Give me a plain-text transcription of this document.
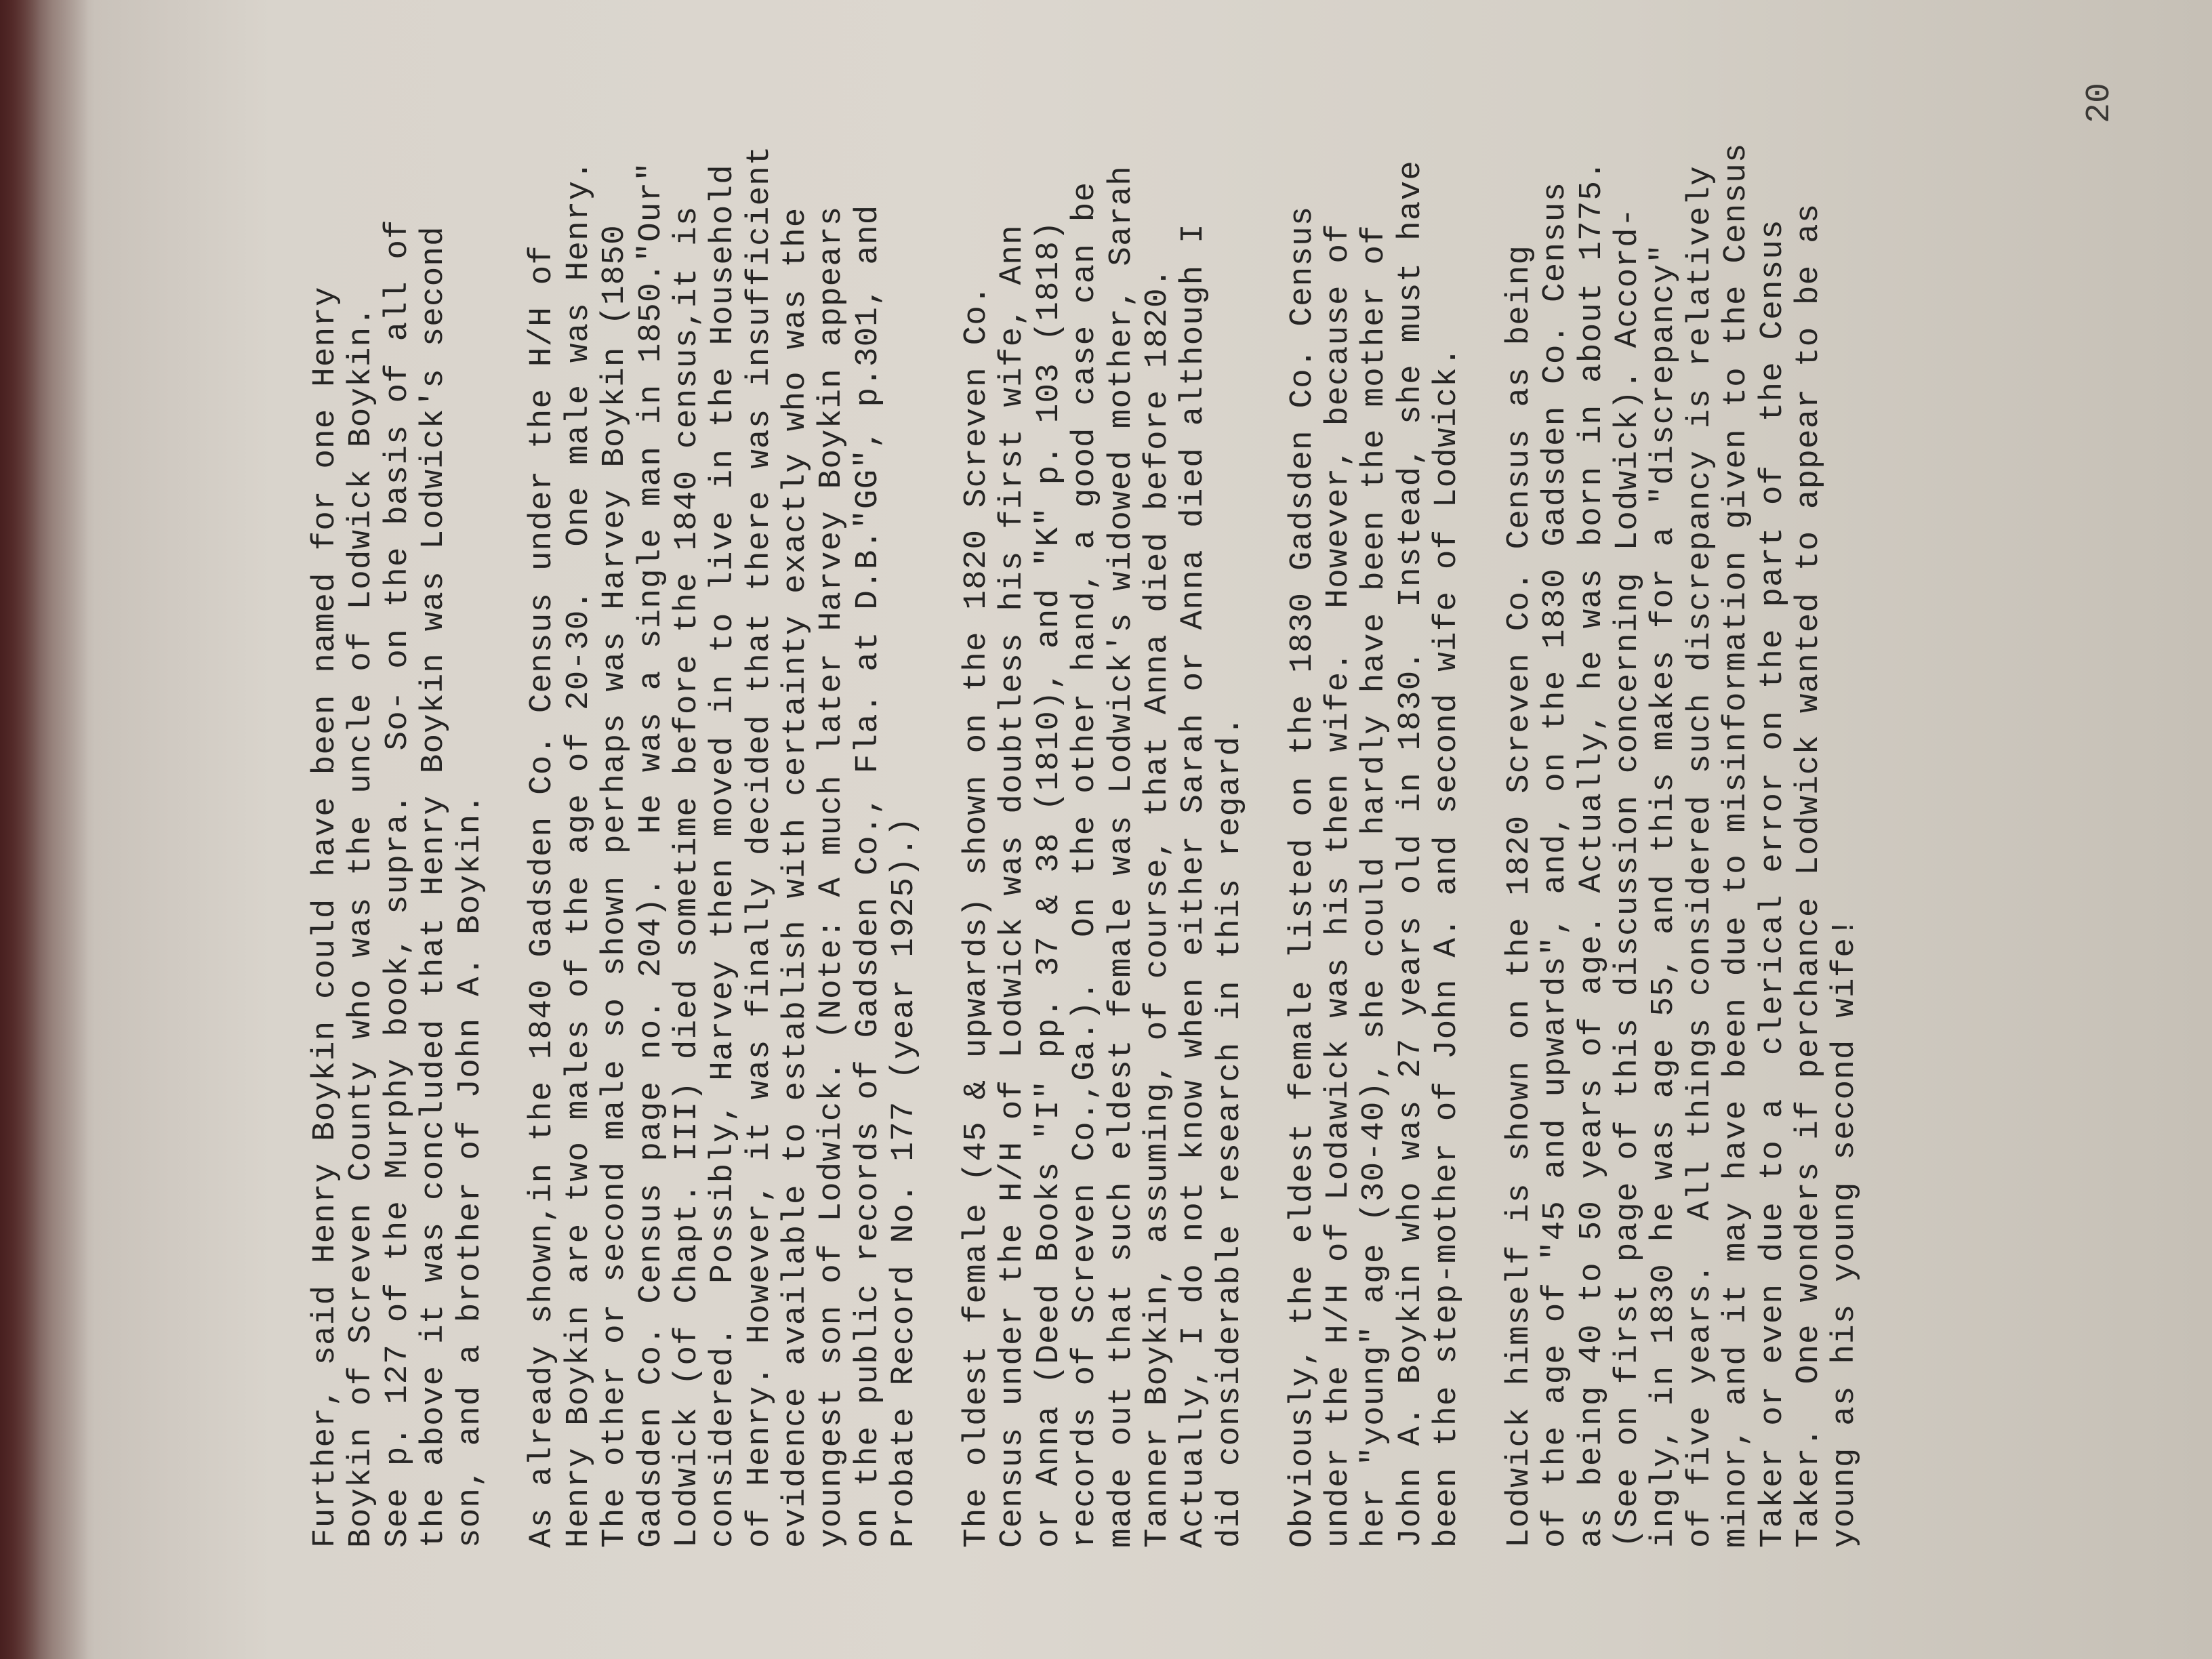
20
Further, said Henry Boykin could have been named for one Henry Boykin of Screven County who was the uncle of Lodwick Boykin. See p. 127 of the Murphy book, supra.  So- on the basis of all of the above it was concluded that Henry Boykin was Lodwick's second son, and a brother of John A. Boykin. As already shown,in the 1840 Gadsden Co. Census under the H/H of Henry Boykin are two males of the age of 20-30.  One male was Henry. The other or second male so shown perhaps was Harvey Boykin (1850 Gadsden Co. Census page no. 204).  He was a single man in 1850."Our" Lodwick (of Chapt. III) died sometime before the 1840 census,it is considered.  Possibly, Harvey then moved in to live in the Household of Henry. However, it was finally decided that there was insufficient evidence available to establish with certainty exactly who was the youngest son of Lodwick. (Note: A much later Harvey Boykin appears on the public records of Gadsden Co., Fla. at D.B."GG", p.301, and Probate Record No. 177 (year 1925).) The oldest female (45 & upwards) shown on the 1820 Screven Co. Census under the H/H of Lodwick was doubtless his first wife, Ann or Anna (Deed Books "I" pp. 37 & 38 (1810), and "K" p. 103 (1818) records of Screven Co.,Ga.).  On the other hand, a good case can be made out that such eldest female was Lodwick's widowed mother, Sarah Tanner Boykin, assuming, of course, that Anna died before 1820. Actually, I do not know when either Sarah or Anna died although I did considerable research in this regard. Obviously, the eldest female listed on the 1830 Gadsden Co. Census under the H/H of Lodawick was his then wife.  However, because of her "young" age (30-40), she could hardly have been the mother of John A. Boykin who was 27 years old in 1830.  Instead, she must have been the step-mother of John A. and second wife of Lodwick. Lodwick himself is shown on the 1820 Screven Co. Census as being of the age of "45 and upwards", and, on the 1830 Gadsden Co. Census as being 40 to 50 years of age. Actually, he was born in about 1775. (See on first page of this discussion concerning Lodwick). Accord- ingly, in 1830 he was age 55, and this makes for a "discrepancy" of five years.  All things considered such discrepancy is relatively minor, and it may have been due to misinformation given to the Census Taker or even due to a  clerical error on the part of  the Census Taker.  One wonders if perchance Lodwick wanted to appear to be as young as his young second wife!
